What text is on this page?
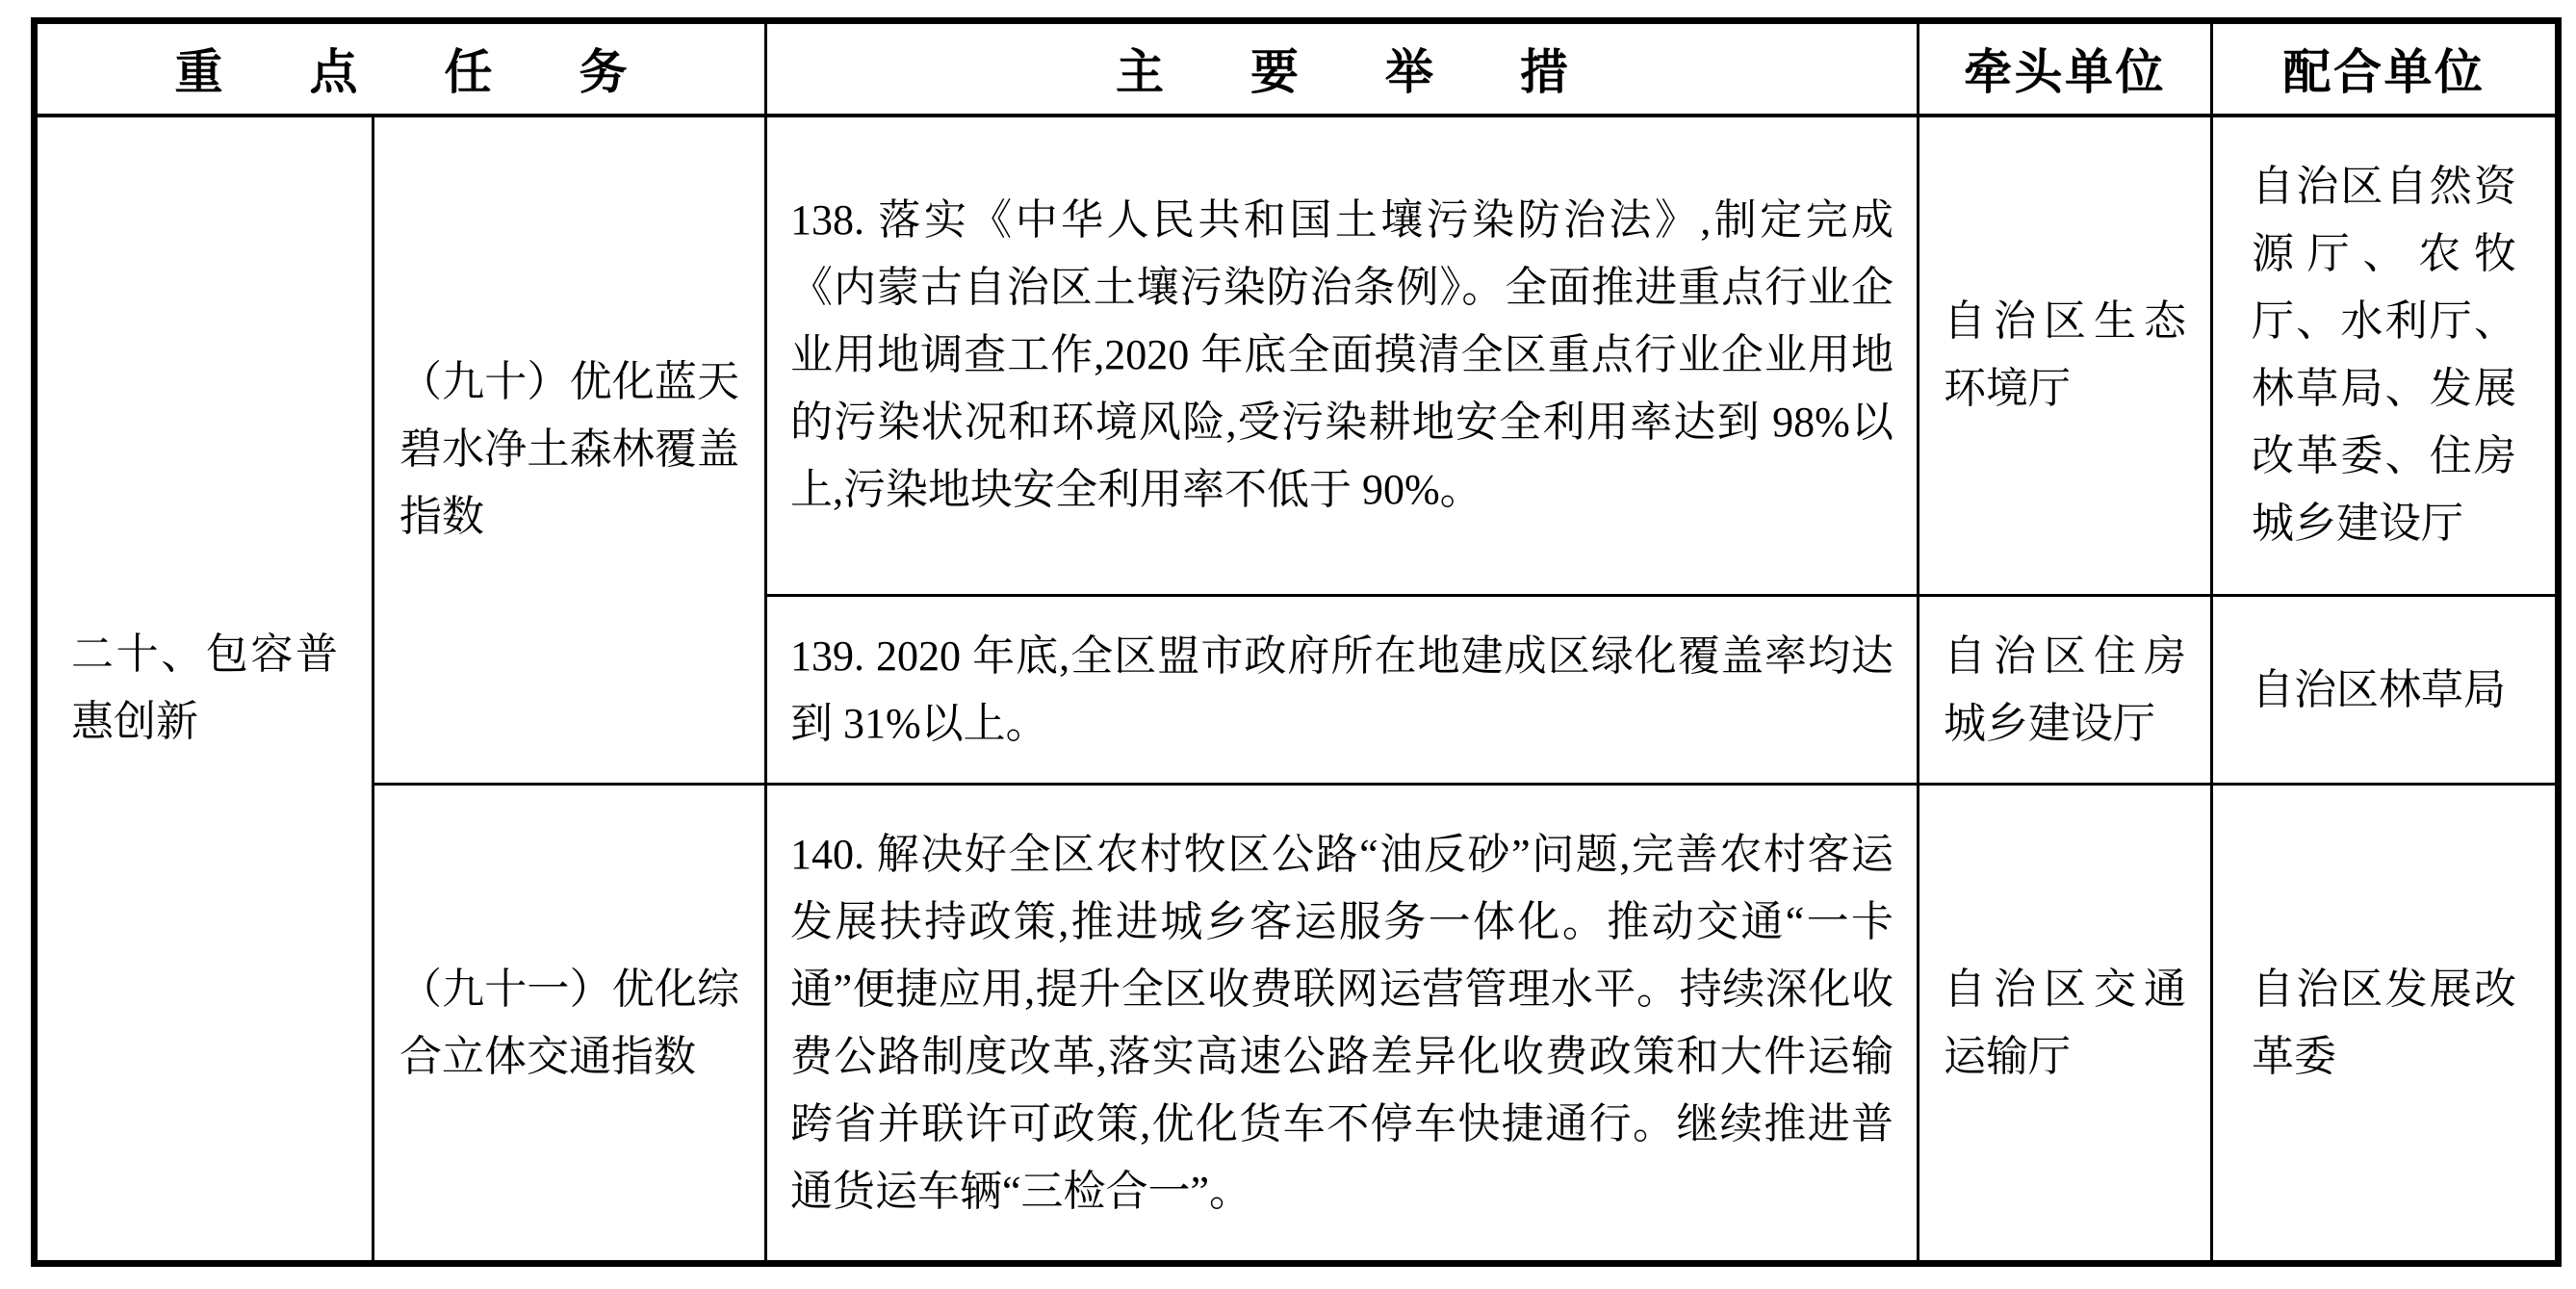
重点任务		主要举措	牵头单位	配合单位
二十、包容普惠创新	（九十）优化蓝天碧水净土森林覆盖指数	138. 落实《中华人民共和国土壤污染防治法》,制定完成《内蒙古自治区土壤污染防治条例》。全面推进重点行业企业用地调查工作,2020 年底全面摸清全区重点行业企业用地的污染状况和环境风险,受污染耕地安全利用率达到 98%以上,污染地块安全利用率不低于 90%。	自治区生态环境厅	自治区自然资源厅、农牧厅、水利厅、林草局、发展改革委、住房城乡建设厅
		139. 2020 年底,全区盟市政府所在地建成区绿化覆盖率均达到 31%以上。	自治区住房城乡建设厅	自治区林草局
	（九十一）优化综合立体交通指数	140. 解决好全区农村牧区公路“油反砂”问题,完善农村客运发展扶持政策,推进城乡客运服务一体化。推动交通“一卡通”便捷应用,提升全区收费联网运营管理水平。持续深化收费公路制度改革,落实高速公路差异化收费政策和大件运输跨省并联许可政策,优化货车不停车快捷通行。继续推进普通货运车辆“三检合一”。	自治区交通运输厅	自治区发展改革委
